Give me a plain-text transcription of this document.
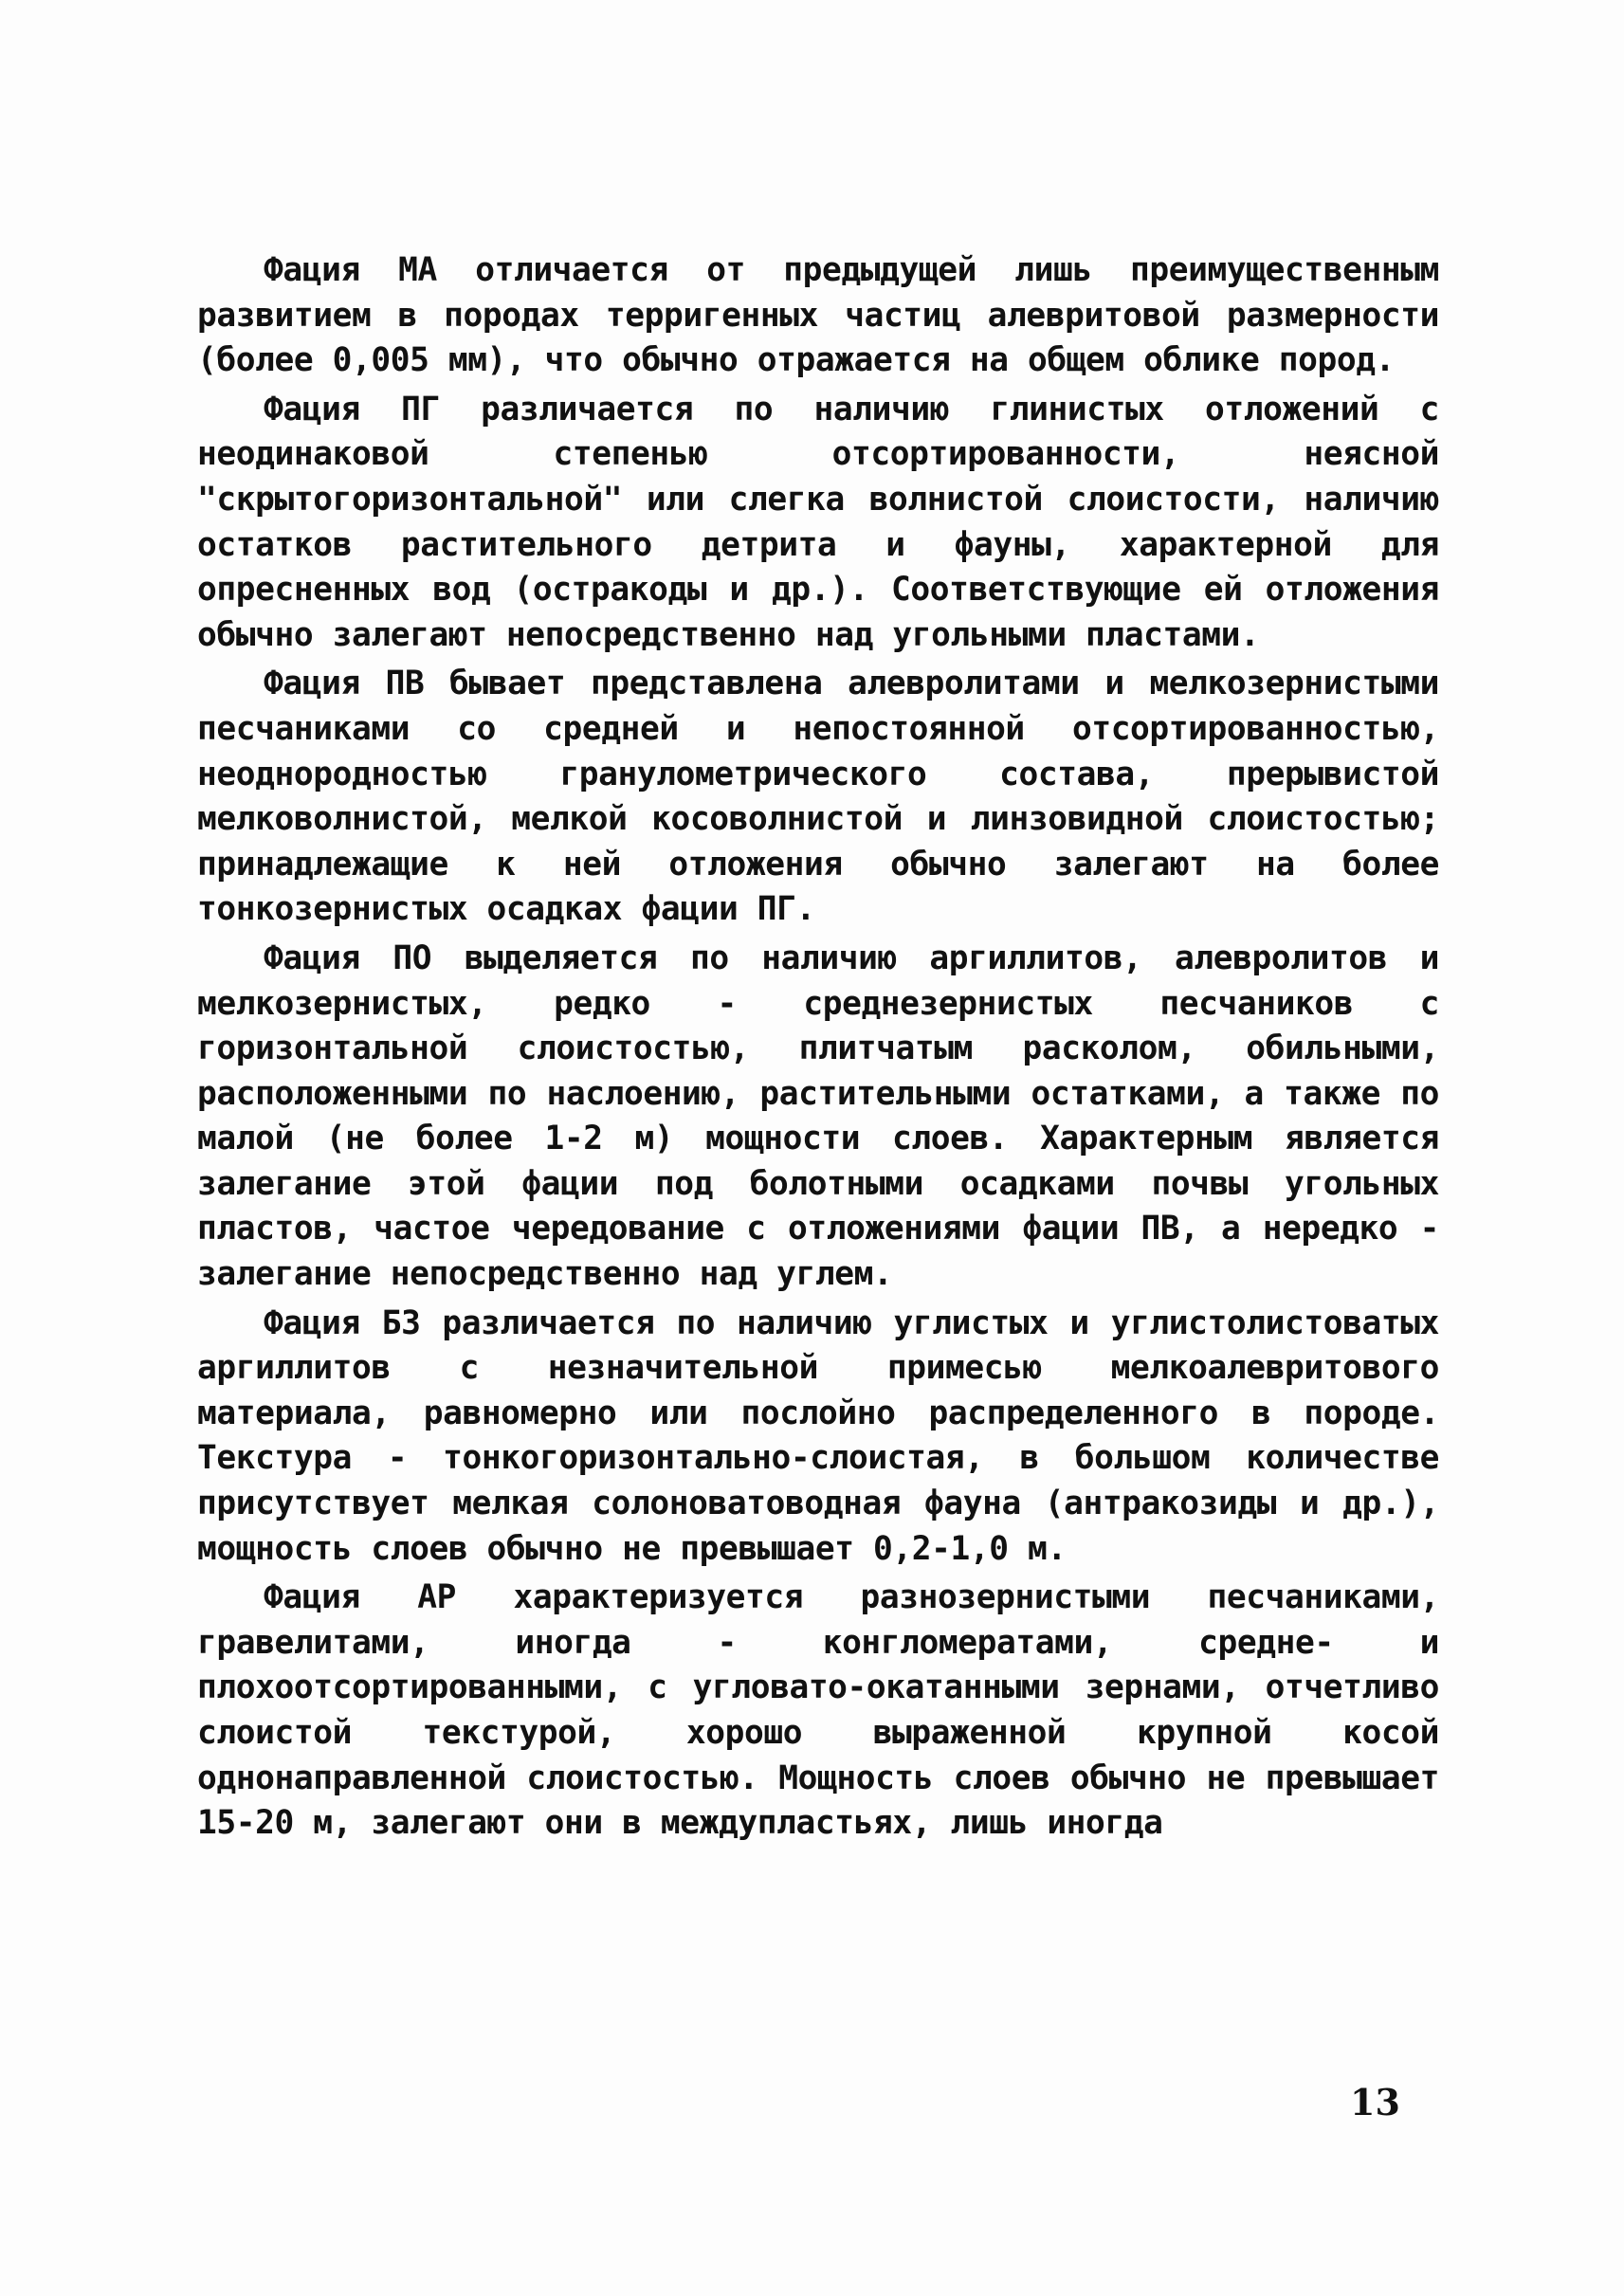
Фация МА отличается от предыдущей лишь преимущественным развитием в породах терригенных частиц алевритовой размерности (более 0,005 мм), что обычно отражается на общем облике пород.

Фация ПГ различается по наличию глинистых отложений с неодинаковой степенью отсортированности, неясной "скрытогоризонтальной" или слегка волнистой слоистости, наличию остатков растительного детрита и фауны, характерной для опресненных вод (остракоды и др.). Соответствующие ей отложения обычно залегают непосредственно над угольными пластами.

Фация ПВ бывает представлена алевролитами и мелкозернистыми песчаниками со средней и непостоянной отсортированностью, неоднородностью гранулометрического состава, прерывистой мелковолнистой, мелкой косоволнистой и линзовидной слоистостью; принадлежащие к ней отложения обычно залегают на более тонкозернистых осадках фации ПГ.

Фация ПО выделяется по наличию аргиллитов, алевролитов и мелкозернистых, редко - среднезернистых песчаников с горизонтальной слоистостью, плитчатым расколом, обильными, расположенными по наслоению, растительными остатками, а также по малой (не более 1-2 м) мощности слоев. Характерным является залегание этой фации под болотными осадками почвы угольных пластов, частое чередование с отложениями фации ПВ, а нередко - залегание непосредственно над углем.

Фация БЗ различается по наличию углистых и углистолистоватых аргиллитов с незначительной примесью мелкоалевритового материала, равномерно или послойно распределенного в породе. Текстура - тонкогоризонтально-слоистая, в большом количестве присутствует мелкая солоноватоводная фауна (антракозиды и др.), мощность слоев обычно не превышает 0,2-1,0 м.

Фация АР характеризуется разнозернистыми песчаниками, гравелитами, иногда - конгломератами, средне- и плохоотсортированными, с угловато-окатанными зернами, отчетливо слоистой текстурой, хорошо выраженной крупной косой однонаправленной слоистостью. Мощность слоев обычно не превышает 15-20 м, залегают они в междупластьях, лишь иногда

13
